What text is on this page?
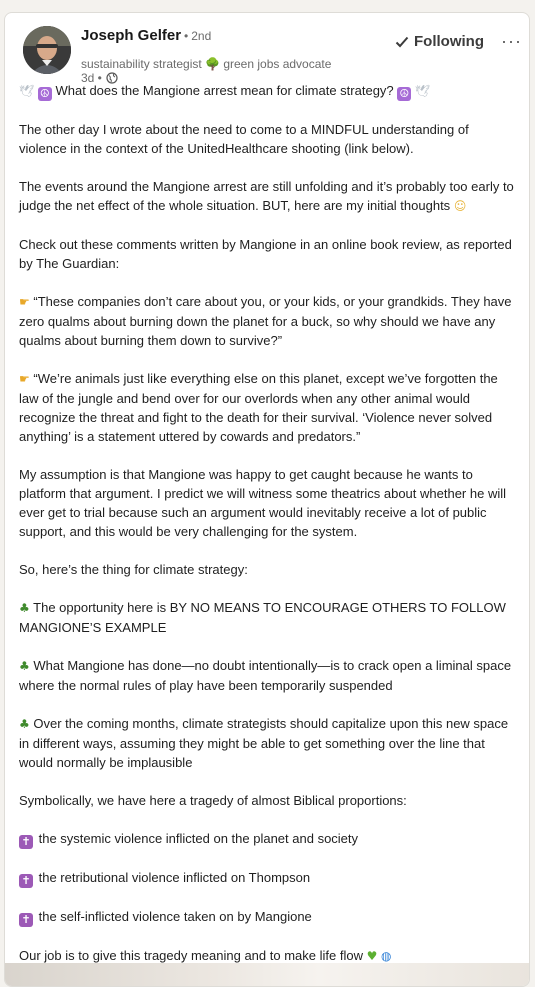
Joseph Gelfer • 2nd
sustainability strategist 🌳 green jobs advocate
3d •
Following ···

🕊 ☮ What does the Mangione arrest mean for climate strategy? ☮ 🕊

The other day I wrote about the need to come to a MINDFUL understanding of violence in the context of the UnitedHealthcare shooting (link below).

The events around the Mangione arrest are still unfolding and it’s probably too early to judge the net effect of the whole situation. BUT, here are my initial thoughts ☺

Check out these comments written by Mangione in an online book review, as reported by The Guardian:

☛ “These companies don’t care about you, or your kids, or your grandkids. They have zero qualms about burning down the planet for a buck, so why should we have any qualms about burning them down to survive?”

☛ “We’re animals just like everything else on this planet, except we’ve forgotten the law of the jungle and bend over for our overlords when any other animal would recognize the threat and fight to the death for their survival. ‘Violence never solved anything’ is a statement uttered by cowards and predators.”

My assumption is that Mangione was happy to get caught because he wants to platform that argument. I predict we will witness some theatrics about whether he will ever get to trial because such an argument would inevitably receive a lot of public support, and this would be very challenging for the system.

So, here’s the thing for climate strategy:

♣ The opportunity here is BY NO MEANS TO ENCOURAGE OTHERS TO FOLLOW MANGIONE’S EXAMPLE

♣ What Mangione has done—no doubt intentionally—is to crack open a liminal space where the normal rules of play have been temporarily suspended

♣ Over the coming months, climate strategists should capitalize upon this new space in different ways, assuming they might be able to get something over the line that would normally be implausible

Symbolically, we have here a tragedy of almost Biblical proportions:

✝ the systemic violence inflicted on the planet and society

✝ the retributional violence inflicted on Thompson

✝ the self-inflicted violence taken on by Mangione

Our job is to give this tragedy meaning and to make life flow ♥ ◍
